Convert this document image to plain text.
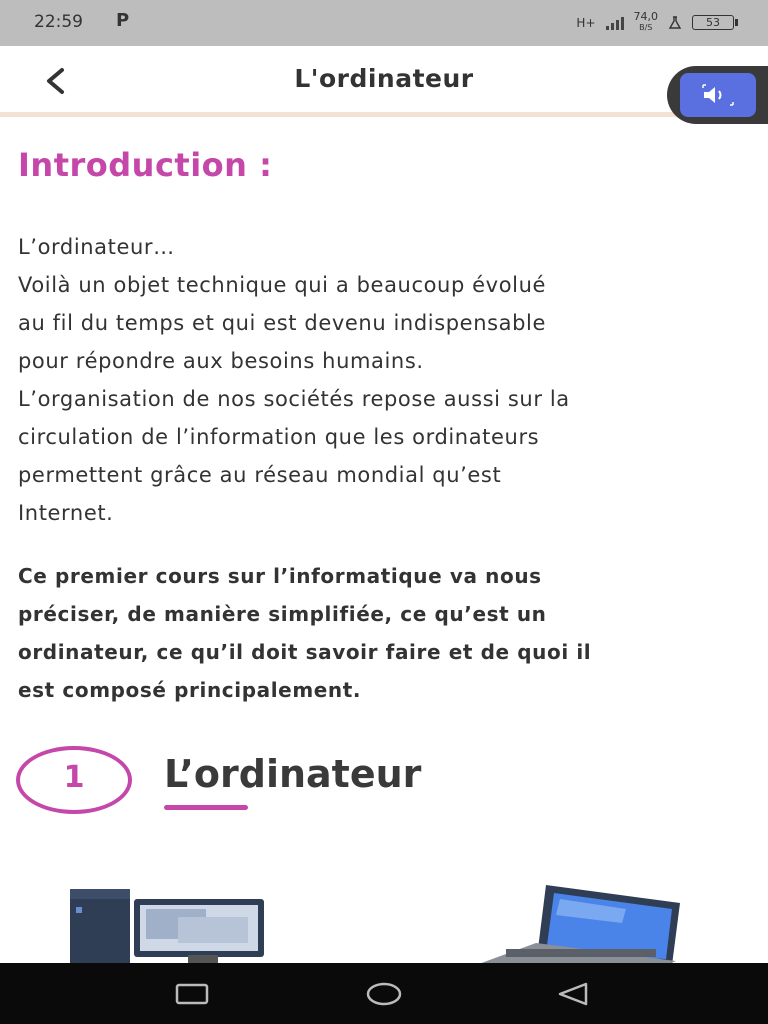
22:59 P	H+	74,0
B/S	53
L'ordinateur
Introduction :

L’ordinateur…

Voilà un objet technique qui a beaucoup évolué

au fil du temps et qui est devenu indispensable

pour répondre aux besoins humains.

L’organisation de nos sociétés repose aussi sur la

circulation de l’information que les ordinateurs

permettent grâce au réseau mondial qu’est

Internet.

Ce premier cours sur l’informatique va nous
préciser, de manière simplifiée, ce qu’est un
ordinateur, ce qu’il doit savoir faire et de quoi il
est composé principalement.
1	L’ordinateur
